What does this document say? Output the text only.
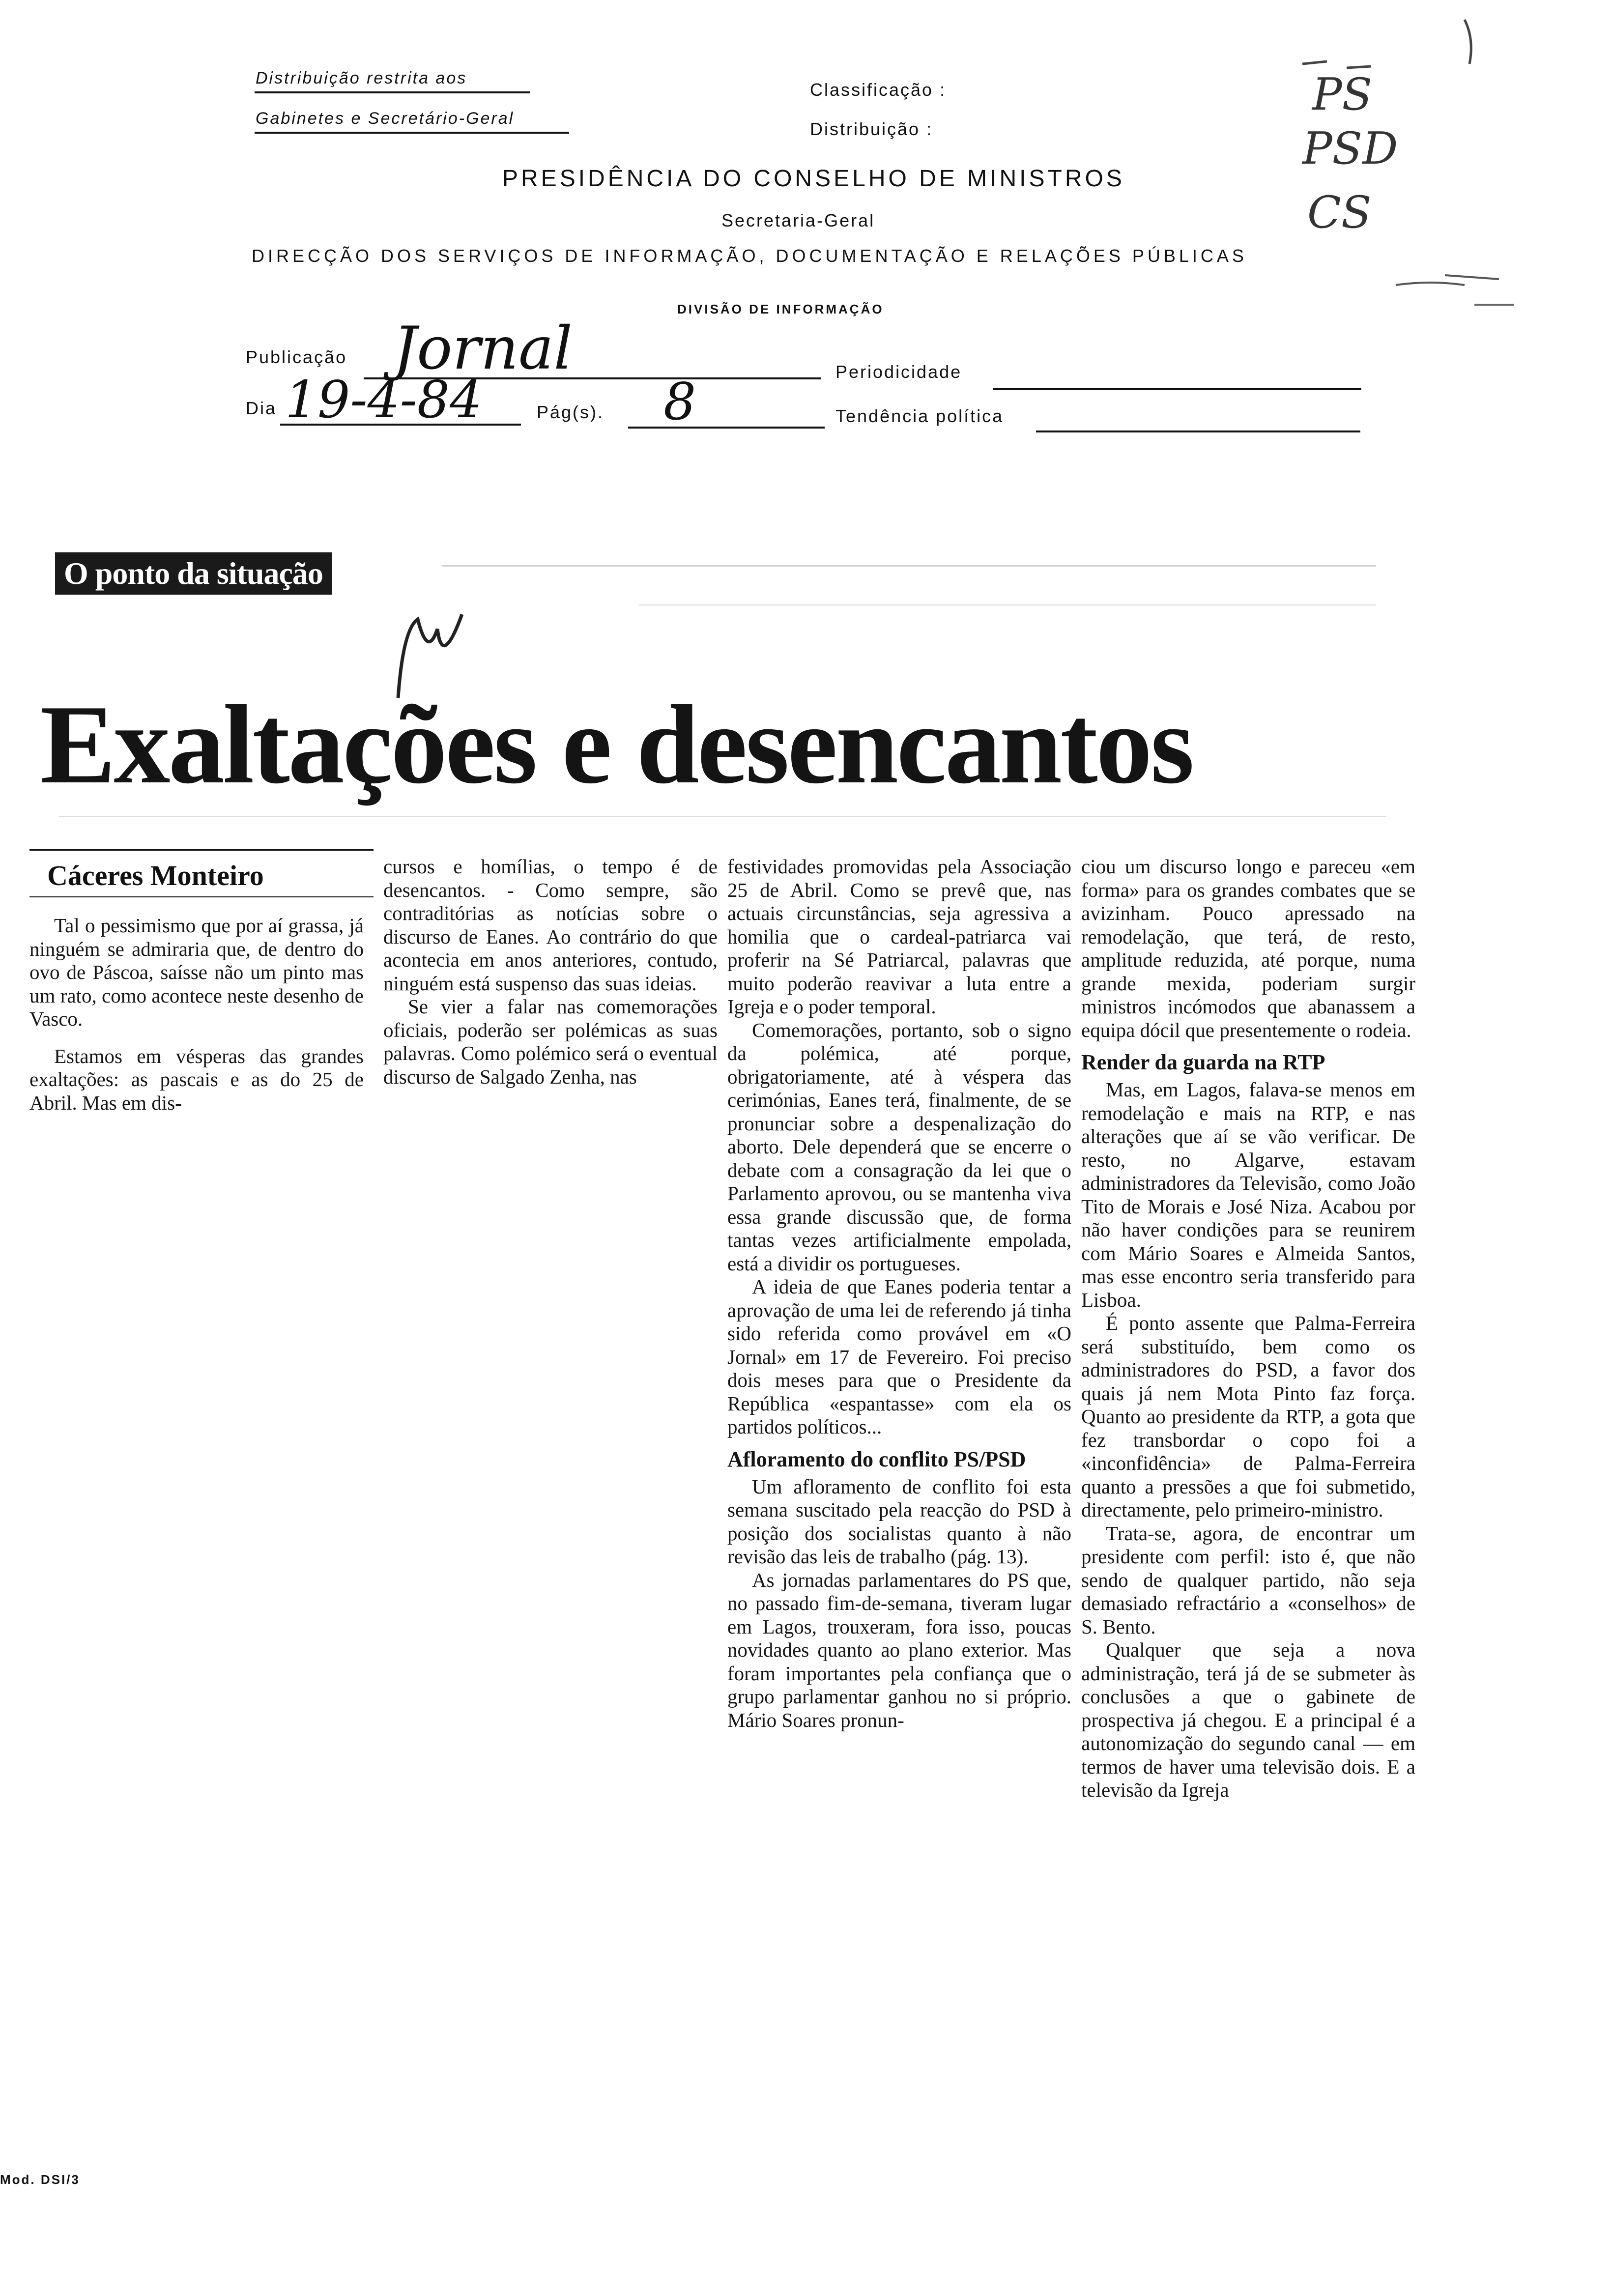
Distribuição restrita aos
Gabinetes e Secretário-Geral
Classificação :
Distribuição :
PRESIDÊNCIA DO CONSELHO DE MINISTROS
Secretaria-Geral
DIRECÇÃO DOS SERVIÇOS DE INFORMAÇÃO, DOCUMENTAÇÃO E RELAÇÕES PÚBLICAS
DIVISÃO DE INFORMAÇÃO
Publicação Jornal	Periodicidade
Dia 19-4-84	Pág(s). 8	Tendência política
PS
PSD
CS
O ponto da situação
Exaltações e desencantos
Cáceres Monteiro

Tal o pessimismo que por aí grassa, já ninguém se admiraria que, de dentro do ovo de Páscoa, saísse não um pinto mas um rato, como acontece neste desenho de Vasco.

Estamos em vésperas das grandes exaltações: as pascais e as do 25 de Abril. Mas em dis-

cursos e homílias, o tempo é de desencantos. - Como sempre, são contraditórias as notícias sobre o discurso de Eanes. Ao contrário do que acontecia em anos anteriores, contudo, ninguém está suspenso das suas ideias.

Se vier a falar nas comemorações oficiais, poderão ser polémicas as suas palavras. Como polémico será o eventual discurso de Salgado Zenha, nas

festividades promovidas pela Associação 25 de Abril. Como se prevê que, nas actuais circunstâncias, seja agressiva a homilia que o cardeal-patriarca vai proferir na Sé Patriarcal, palavras que muito poderão reavivar a luta entre a Igreja e o poder temporal.

Comemorações, portanto, sob o signo da polémica, até porque, obrigatoriamente, até à véspera das cerimónias, Eanes terá, finalmente, de se pronunciar sobre a despenalização do aborto. Dele dependerá que se encerre o debate com a consagração da lei que o Parlamento aprovou, ou se mantenha viva essa grande discussão que, de forma tantas vezes artificialmente empolada, está a dividir os portugueses.

A ideia de que Eanes poderia tentar a aprovação de uma lei de referendo já tinha sido referida como provável em «O Jornal» em 17 de Fevereiro. Foi preciso dois meses para que o Presidente da República «espantasse» com ela os partidos políticos...

Afloramento do conflito PS/PSD

Um afloramento de conflito foi esta semana suscitado pela reacção do PSD à posição dos socialistas quanto à não revisão das leis de trabalho (pág. 13).

As jornadas parlamentares do PS que, no passado fim-de-semana, tiveram lugar em Lagos, trouxeram, fora isso, poucas novidades quanto ao plano exterior. Mas foram importantes pela confiança que o grupo parlamentar ganhou no si próprio. Mário Soares pronun-

ciou um discurso longo e pareceu «em forma» para os grandes combates que se avizinham. Pouco apressado na remodelação, que terá, de resto, amplitude reduzida, até porque, numa grande mexida, poderiam surgir ministros incómodos que abanassem a equipa dócil que presentemente o rodeia.

Render da guarda na RTP

Mas, em Lagos, falava-se menos em remodelação e mais na RTP, e nas alterações que aí se vão verificar. De resto, no Algarve, estavam administradores da Televisão, como João Tito de Morais e José Niza. Acabou por não haver condições para se reunirem com Mário Soares e Almeida Santos, mas esse encontro seria transferido para Lisboa.

É ponto assente que Palma-Ferreira será substituído, bem como os administradores do PSD, a favor dos quais já nem Mota Pinto faz força. Quanto ao presidente da RTP, a gota que fez transbordar o copo foi a «inconfidência» de Palma-Ferreira quanto a pressões a que foi submetido, directamente, pelo primeiro-ministro.

Trata-se, agora, de encontrar um presidente com perfil: isto é, que não sendo de qualquer partido, não seja demasiado refractário a «conselhos» de S. Bento.

Qualquer que seja a nova administração, terá já de se submeter às conclusões a que o gabinete de prospectiva já chegou. E a principal é a autonomização do segundo canal — em termos de haver uma televisão dois. E a televisão da Igreja

Mod. DSI/3
